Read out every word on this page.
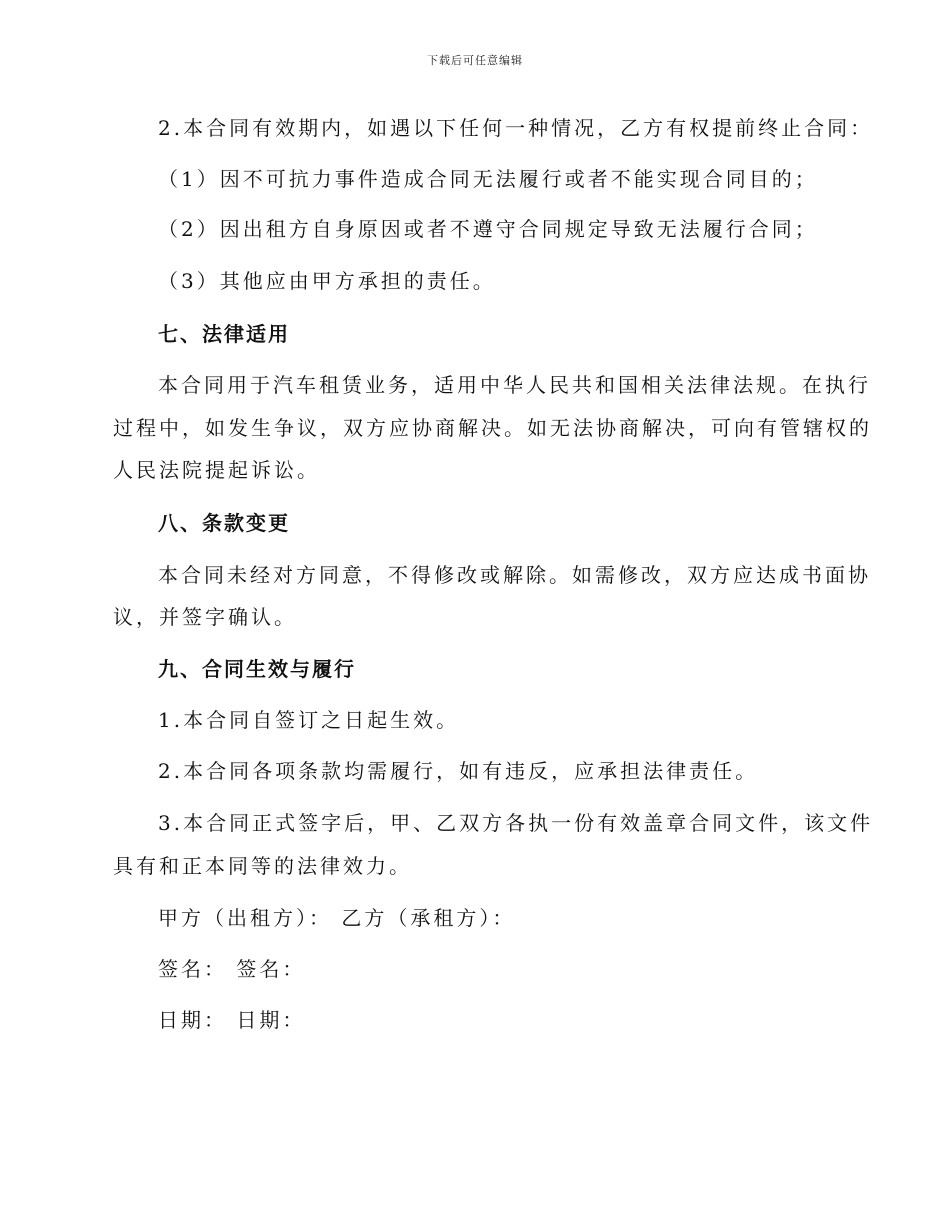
下载后可任意编辑
2.本合同有效期内，如遇以下任何一种情况，乙方有权提前终止合同：
（1）因不可抗力事件造成合同无法履行或者不能实现合同目的；
（2）因出租方自身原因或者不遵守合同规定导致无法履行合同；
（3）其他应由甲方承担的责任。
七、法律适用
本合同用于汽车租赁业务，适用中华人民共和国相关法律法规。在执行
过程中，如发生争议，双方应协商解决。如无法协商解决，可向有管辖权的
人民法院提起诉讼。
八、条款变更
本合同未经对方同意，不得修改或解除。如需修改，双方应达成书面协
议，并签字确认。
九、合同生效与履行
1.本合同自签订之日起生效。
2.本合同各项条款均需履行，如有违反，应承担法律责任。
3.本合同正式签字后，甲、乙双方各执一份有效盖章合同文件，该文件
具有和正本同等的法律效力。
甲方（出租方）： 乙方（承租方）：
签名： 签名：
日期： 日期：
